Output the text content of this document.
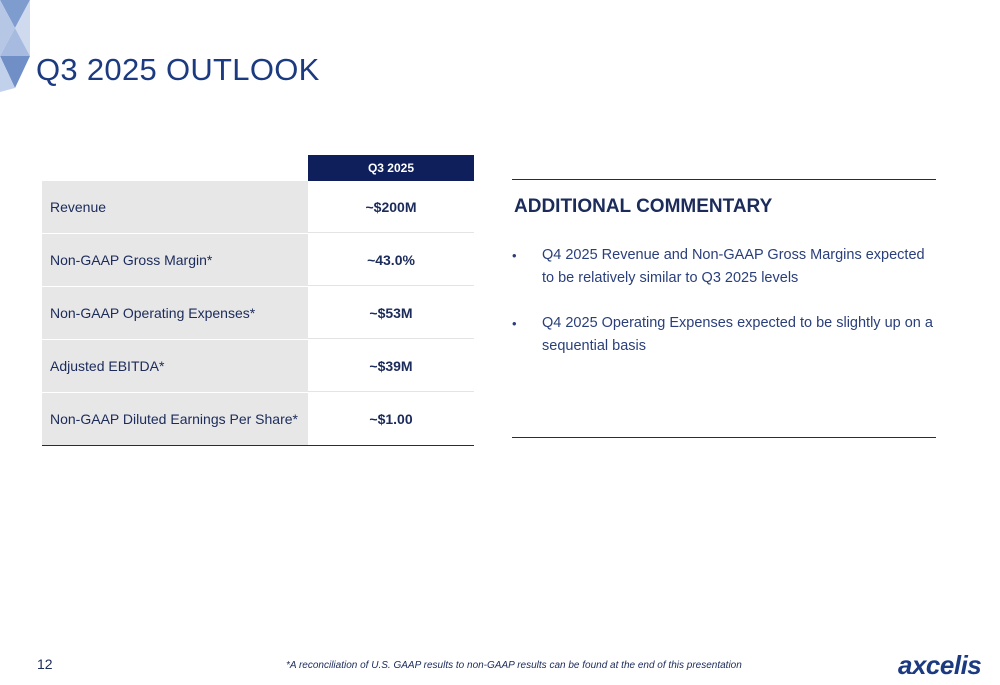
Q3 2025 OUTLOOK
Q3 2025
Revenue	~$200M
Non-GAAP Gross Margin*	~43.0%
Non-GAAP Operating Expenses*	~$53M
Adjusted EBITDA*	~$39M
Non-GAAP Diluted Earnings Per Share*	~$1.00
ADDITIONAL COMMENTARY
• Q4 2025 Revenue and Non-GAAP Gross Margins expected to be relatively similar to Q3 2025 levels
• Q4 2025 Operating Expenses expected to be slightly up on a sequential basis
12	*A reconciliation of U.S. GAAP results to non-GAAP results can be found at the end of this presentation	axcelis
